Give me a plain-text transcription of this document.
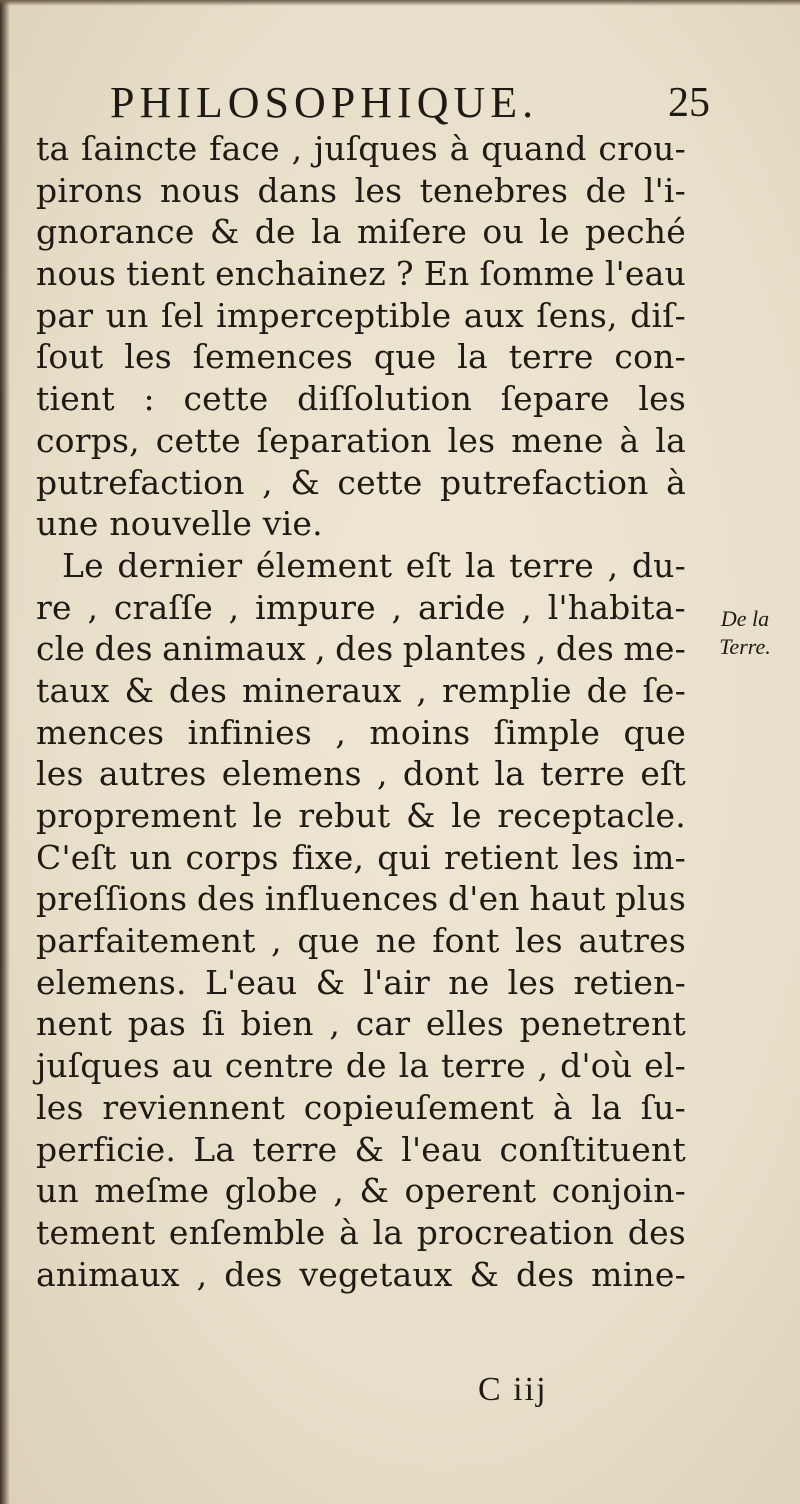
PHILOSOPHIQUE.	25
ta ſaincte face , juſques à quand crou-
pirons nous dans les tenebres de l'i-
gnorance & de la miſere ou le peché
nous tient enchainez ? En ſomme l'eau
par un ſel imperceptible aux ſens, diſ-
ſout les ſemences que la terre con-
tient : cette diſſolution ſepare les
corps, cette ſeparation les mene à la
putrefaction , & cette putrefaction à
une nouvelle vie.
Le dernier élement eſt la terre , du-
re , craſſe , impure , aride , l'habita-
cle des animaux , des plantes , des me-
taux & des mineraux , remplie de ſe-
mences infinies , moins ſimple que
les autres elemens , dont la terre eſt
proprement le rebut & le receptacle.
C'eſt un corps fixe, qui retient les im-
preſſions des influences d'en haut plus
parfaitement , que ne font les autres
elemens. L'eau & l'air ne les retien-
nent pas ſi bien , car elles penetrent
juſques au centre de la terre , d'où el-
les reviennent copieuſement à la ſu-
perficie. La terre & l'eau conſtituent
un meſme globe , & operent conjoin-
tement enſemble à la procreation des
animaux , des vegetaux & des mine-
De la
Terre.
C iij
